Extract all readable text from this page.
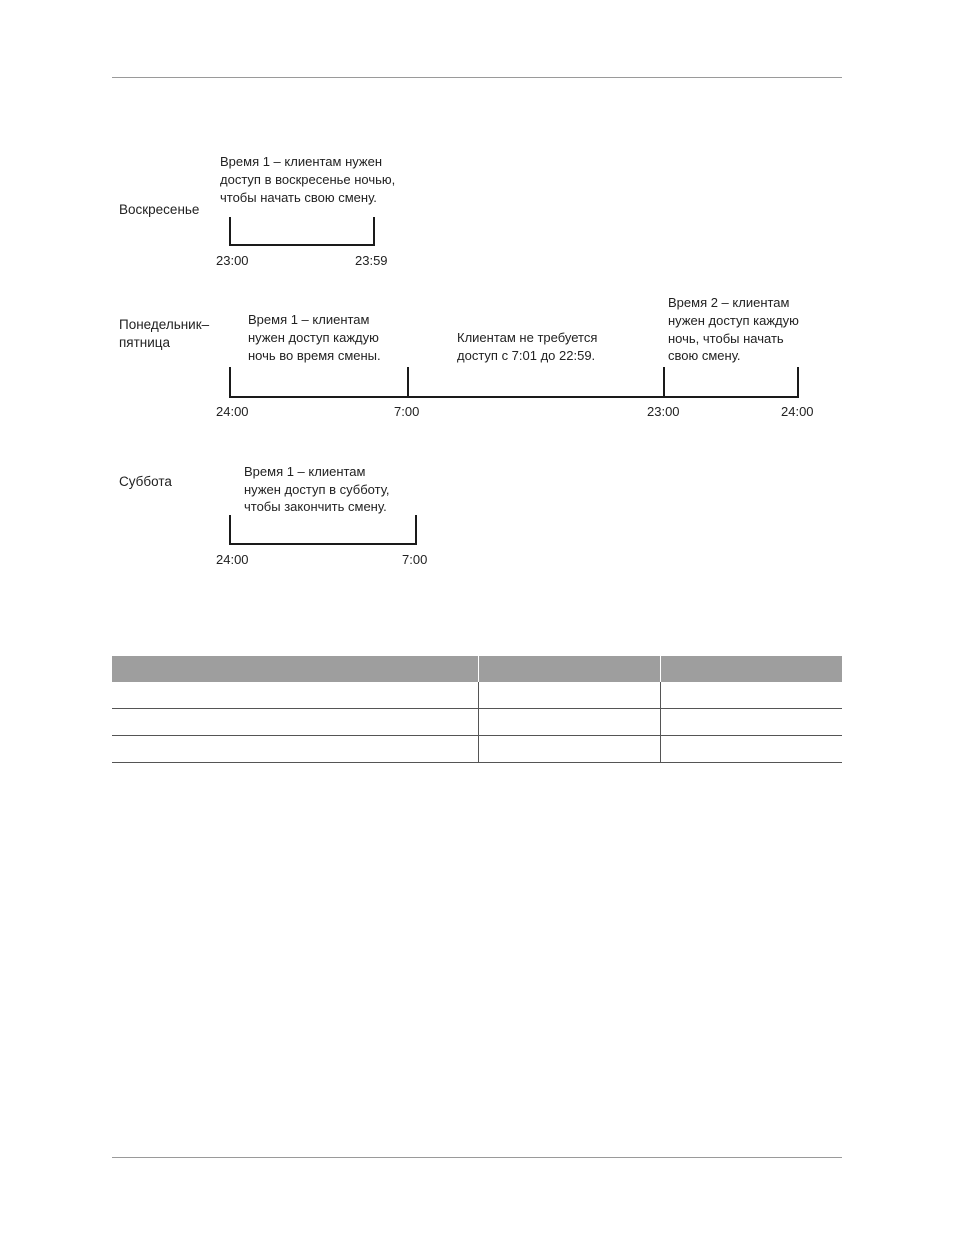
Воскресенье
Время 1 – клиентам нужен
доступ в воскресенье ночью,
чтобы начать свою смену.
23:00	23:59
Понедельник–
пятница
Время 1 – клиентам
нужен доступ каждую
ночь во время смены.
Клиентам не требуется
доступ с 7:01 до 22:59.
Время 2 – клиентам
нужен доступ каждую
ночь, чтобы начать
свою смену.
24:00	7:00	23:00	24:00
Суббота
Время 1 – клиентам
нужен доступ в субботу,
чтобы закончить смену.
24:00	7:00
